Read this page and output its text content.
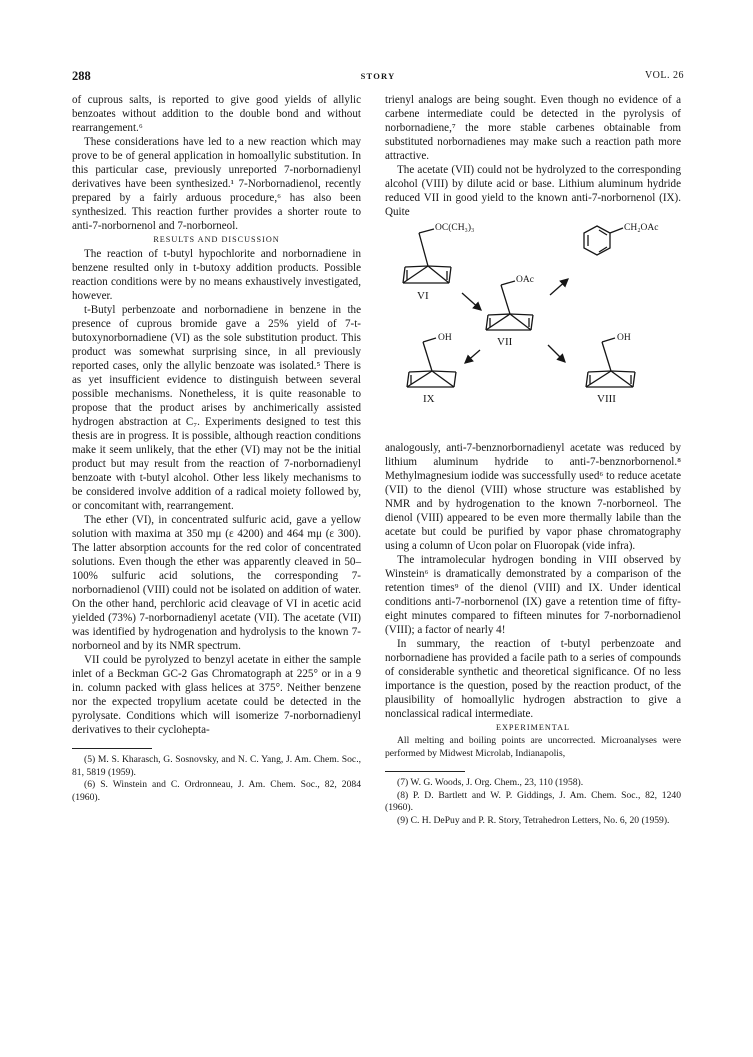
288	STORY	VOL. 26

of cuprous salts, is reported to give good yields of allylic benzoates without addition to the double bond and without rearrangement.⁶

These considerations have led to a new reaction which may prove to be of general application in homoallylic substitution. In this particular case, previously unreported 7-norbornadienyl derivatives have been synthesized.¹ 7-Norbornadienol, recently prepared by a fairly arduous procedure,⁶ has also been synthesized. This reaction further provides a shorter route to anti-7-norbornenol and 7-norborneol.

RESULTS AND DISCUSSION

The reaction of t-butyl hypochlorite and norbornadiene in benzene resulted only in t-butoxy addition products. Possible reaction conditions were by no means exhaustively investigated, however.

t-Butyl perbenzoate and norbornadiene in benzene in the presence of cuprous bromide gave a 25% yield of 7-t-butoxynorbornadiene (VI) as the sole substitution product. This product was somewhat surprising since, in all previously reported cases, only the allylic benzoate was isolated.⁵ There is as yet insufficient evidence to distinguish between several possible mechanisms. Nonetheless, it is quite reasonable to propose that the product arises by anchimerically assisted hydrogen abstraction at C₇. Experiments designed to test this thesis are in progress. It is possible, although reaction conditions make it seem unlikely, that the ether (VI) may not be the initial product but may result from the reaction of 7-norbornadienyl benzoate with t-butyl alcohol. Other less likely mechanisms to be considered involve addition of a radical moiety followed by, or concomitant with, rearrangement.

The ether (VI), in concentrated sulfuric acid, gave a yellow solution with maxima at 350 mμ (ε 4200) and 464 mμ (ε 300). The latter absorption accounts for the red color of concentrated solutions. Even though the ether was apparently cleaved in 50–100% sulfuric acid solutions, the corresponding 7-norbornadienol (VIII) could not be isolated on addition of water. On the other hand, perchloric acid cleavage of VI in acetic acid yielded (73%) 7-norbornadienyl acetate (VII). The acetate (VII) was identified by hydrogenation and hydrolysis to the known 7-norborneol and by its NMR spectrum.

VII could be pyrolyzed to benzyl acetate in either the sample inlet of a Beckman GC-2 Gas Chromatograph at 225° or in a 9 in. column packed with glass helices at 375°. Neither benzene nor the expected tropylium acetate could be detected in the pyrolysate. Conditions which will isomerize 7-norbornadienyl derivatives to their cyclohepta-

(5) M. S. Kharasch, G. Sosnovsky, and N. C. Yang, J. Am. Chem. Soc., 81, 5819 (1959).

(6) S. Winstein and C. Ordronneau, J. Am. Chem. Soc., 82, 2084 (1960).

trienyl analogs are being sought. Even though no evidence of a carbene intermediate could be detected in the pyrolysis of norbornadiene,⁷ the more stable carbenes obtainable from substituted norbornadienes may make such a reaction path more attractive.

The acetate (VII) could not be hydrolyzed to the corresponding alcohol (VIII) by dilute acid or base. Lithium aluminum hydride reduced VII in good yield to the known anti-7-norbornenol (IX). Quite

OC(CH₃)₃
VI
CH₂OAc
OAc
VII
OH
IX
OH
VIII

analogously, anti-7-benznorbornadienyl acetate was reduced by lithium aluminum hydride to anti-7-benznorbornenol.⁸ Methylmagnesium iodide was successfully used⁶ to reduce acetate (VII) to the dienol (VIII) whose structure was established by NMR and by hydrogenation to the known 7-norborneol. The dienol (VIII) appeared to be even more thermally labile than the acetate but could be purified by vapor phase chromatography using a column of Ucon polar on Fluoropak (vide infra).

The intramolecular hydrogen bonding in VIII observed by Winstein⁶ is dramatically demonstrated by a comparison of the retention times⁹ of the dienol (VIII) and IX. Under identical conditions anti-7-norbornenol (IX) gave a retention time of fifty-eight minutes compared to fifteen minutes for 7-norbornadienol (VIII); a factor of nearly 4!

In summary, the reaction of t-butyl perbenzoate and norbornadiene has provided a facile path to a series of compounds of considerable synthetic and theoretical significance. Of no less importance is the question, posed by the reaction product, of the plausibility of homoallylic hydrogen abstraction to give a nonclassical radical intermediate.

EXPERIMENTAL

All melting and boiling points are uncorrected. Microanalyses were performed by Midwest Microlab, Indianapolis,

(7) W. G. Woods, J. Org. Chem., 23, 110 (1958).

(8) P. D. Bartlett and W. P. Giddings, J. Am. Chem. Soc., 82, 1240 (1960).

(9) C. H. DePuy and P. R. Story, Tetrahedron Letters, No. 6, 20 (1959).
